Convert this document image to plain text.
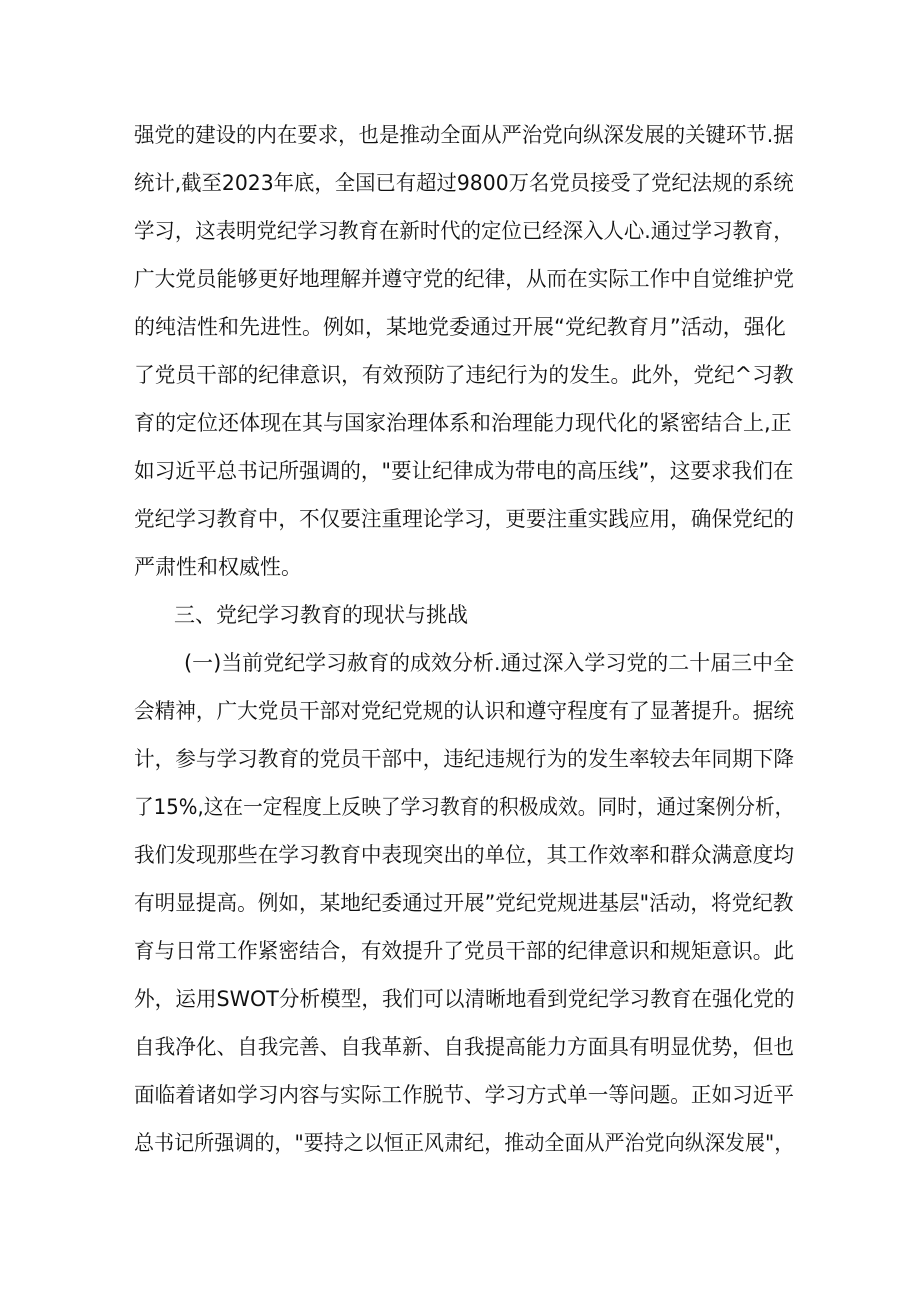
强党的建设的内在要求，也是推动全面从严治党向纵深发展的关键环节.据
统计,截至2023年底，全国已有超过9800万名党员接受了党纪法规的系统
学习，这表明党纪学习教育在新时代的定位已经深入人心.通过学习教育，
广大党员能够更好地理解并遵守党的纪律，从而在实际工作中自觉维护党
的纯洁性和先进性。例如，某地党委通过开展“党纪教育月”活动，强化
了党员干部的纪律意识，有效预防了违纪行为的发生。此外，党纪^习教
育的定位还体现在其与国家治理体系和治理能力现代化的紧密结合上,正
如习近平总书记所强调的，"要让纪律成为带电的高压线”，这要求我们在
党纪学习教育中，不仅要注重理论学习，更要注重实践应用，确保党纪的
严肃性和权威性。
三、党纪学习教育的现状与挑战
(一)当前党纪学习赦育的成效分析.通过深入学习党的二十届三中全
会精神，广大党员干部对党纪党规的认识和遵守程度有了显著提升。据统
计，参与学习教育的党员干部中，违纪违规行为的发生率较去年同期下降
了15%,这在一定程度上反映了学习教育的积极成效。同时，通过案例分析，
我们发现那些在学习教育中表现突出的单位，其工作效率和群众满意度均
有明显提高。例如，某地纪委通过开展”党纪党规进基层"活动，将党纪教
育与日常工作紧密结合，有效提升了党员干部的纪律意识和规矩意识。此
外，运用SWOT分析模型，我们可以清晰地看到党纪学习教育在强化党的
自我净化、自我完善、自我革新、自我提高能力方面具有明显优势，但也
面临着诸如学习内容与实际工作脱节、学习方式单一等问题。正如习近平
总书记所强调的，"要持之以恒正风肃纪，推动全面从严治党向纵深发展"，
